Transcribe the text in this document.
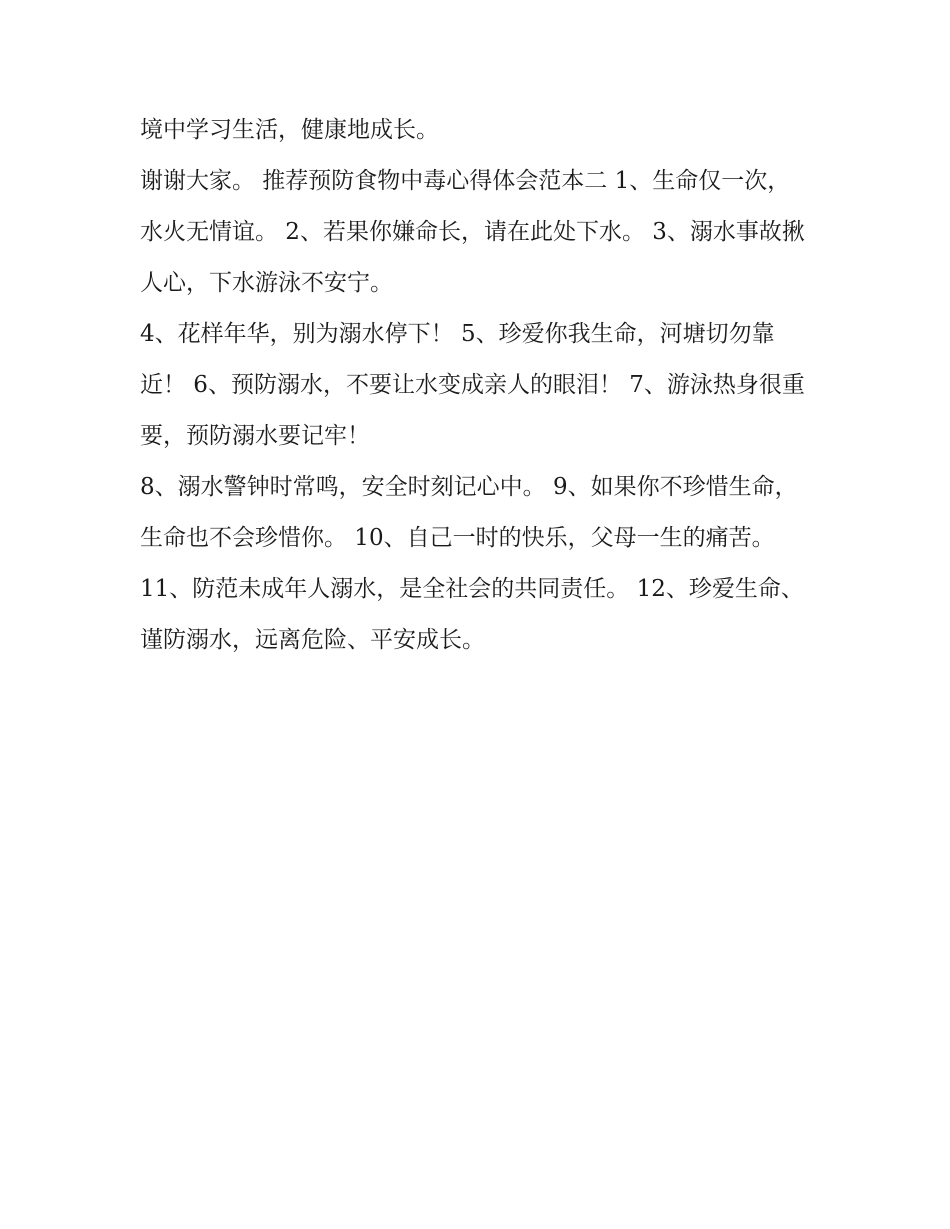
境中学习生活，健康地成长。

谢谢大家。 推荐预防食物中毒心得体会范本二 1、生命仅一次，水火无情谊。 2、若果你嫌命长，请在此处下水。 3、溺水事故揪人心，下水游泳不安宁。

4、花样年华，别为溺水停下！ 5、珍爱你我生命，河塘切勿靠近！ 6、预防溺水，不要让水变成亲人的眼泪！ 7、游泳热身很重要，预防溺水要记牢！

8、溺水警钟时常鸣，安全时刻记心中。 9、如果你不珍惜生命，生命也不会珍惜你。 10、自己一时的快乐，父母一生的痛苦。

11、防范未成年人溺水，是全社会的共同责任。 12、珍爱生命、谨防溺水，远离危险、平安成长。
